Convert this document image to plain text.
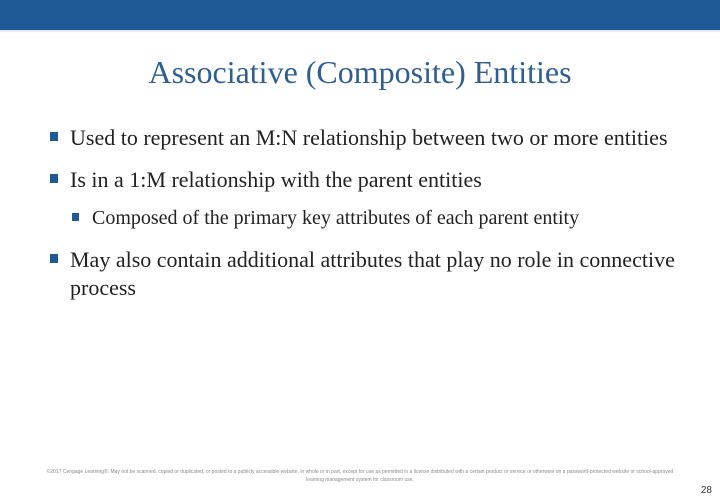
Associative (Composite) Entities
Used to represent an M:N relationship between two or more entities
Is in a 1:M relationship with the parent entities
Composed of the primary key attributes of each parent entity
May also contain additional attributes that play no role in connective process
©2017 Cengage Learning®. May not be scanned, copied or duplicated, or posted to a publicly accessible website, in whole or in part, except for use as permitted in a license distributed with a certain product or service or otherwise on a password-protected website or school-approved learning management system for classroom use.
28
